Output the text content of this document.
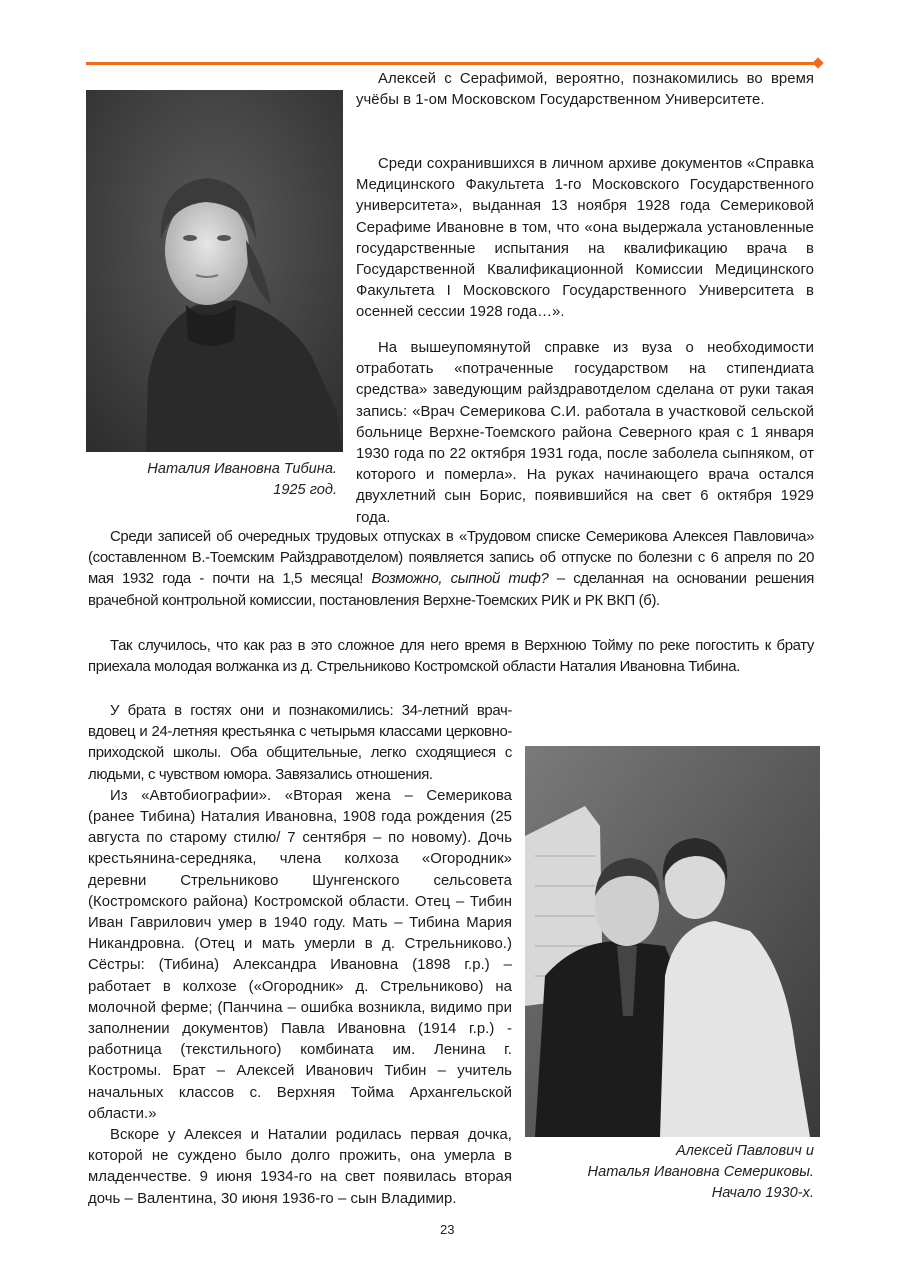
Наталия Ивановна Тибина.
1925 год.

Алексей с Серафимой, вероятно, познакомились во время учёбы в 1-ом Московском Государственном Университете.

Среди сохранившихся в личном архиве документов «Справка Медицинского Факультета 1-го Московского Государственного университета», выданная 13 ноября 1928 года Семериковой Серафиме Ивановне в том, что «она выдержала установленные государственные испытания на квалификацию врача в Государственной Квалификационной Комиссии Медицинского Факультета I Московского Государственного Университета в осенней сессии 1928 года…».

На вышеупомянутой справке из вуза о необходимости отработать «потраченные государством на стипендиата средства» заведующим райздравотделом сделана от руки такая запись: «Врач Семерикова С.И. работала в участковой сельской больнице Верхне-Тоемского района Северного края с 1 января 1930 года по 22 октября 1931 года, после заболела сыпняком, от которого и померла». На руках начинающего врача остался двухлетний сын Борис, появившийся на свет 6 октября 1929 года.

Среди записей об очередных трудовых отпусках в «Трудовом списке Семерикова Алексея Павловича» (составленном В.-Тоемским Райздравотделом) появляется запись об отпуске по болезни с 6 апреля по 20 мая 1932 года - почти на 1,5 месяца! Возможно, сыпной тиф? – сделанная на основании решения врачебной контрольной комиссии, постановления Верхне-Тоемских РИК и РК ВКП (б).

Так случилось, что как раз в это сложное для него время в Верхнюю Тойму по реке погостить к брату приехала молодая волжанка из д. Стрельниково Костромской области Наталия Ивановна Тибина.

Алексей Павлович и
Наталья Ивановна Семериковы.
Начало 1930-х.

У брата в гостях они и познакомились: 34-летний врач-вдовец и 24-летняя крестьянка с четырьмя классами церковно-приходской школы. Оба общительные, легко сходящиеся с людьми, с чувством юмора. Завязались отношения.

Из «Автобиографии». «Вторая жена – Семерикова (ранее Тибина) Наталия Ивановна, 1908 года рождения (25 августа по старому стилю/ 7 сентября – по новому). Дочь крестьянина-середняка, члена колхоза «Огородник» деревни Стрельниково Шунгенского сельсовета (Костромского района) Костромской области. Отец – Тибин Иван Гаврилович умер в 1940 году. Мать – Тибина Мария Никандровна. (Отец и мать умерли в д. Стрельниково.) Сёстры: (Тибина) Александра Ивановна (1898 г.р.) – работает в колхозе («Огородник» д. Стрельниково) на молочной ферме; (Панчина – ошибка возникла, видимо при заполнении документов) Павла Ивановна (1914 г.р.) - работница (текстильного) комбината им. Ленина г. Костромы. Брат – Алексей Иванович Тибин – учитель начальных классов с. Верхняя Тойма Архангельской области.»

Вскоре у Алексея и Наталии родилась первая дочка, которой не суждено было долго прожить, она умерла в младенчестве. 9 июня 1934-го на свет появилась вторая дочь – Валентина, 30 июня 1936-го – сын Владимир.

23
